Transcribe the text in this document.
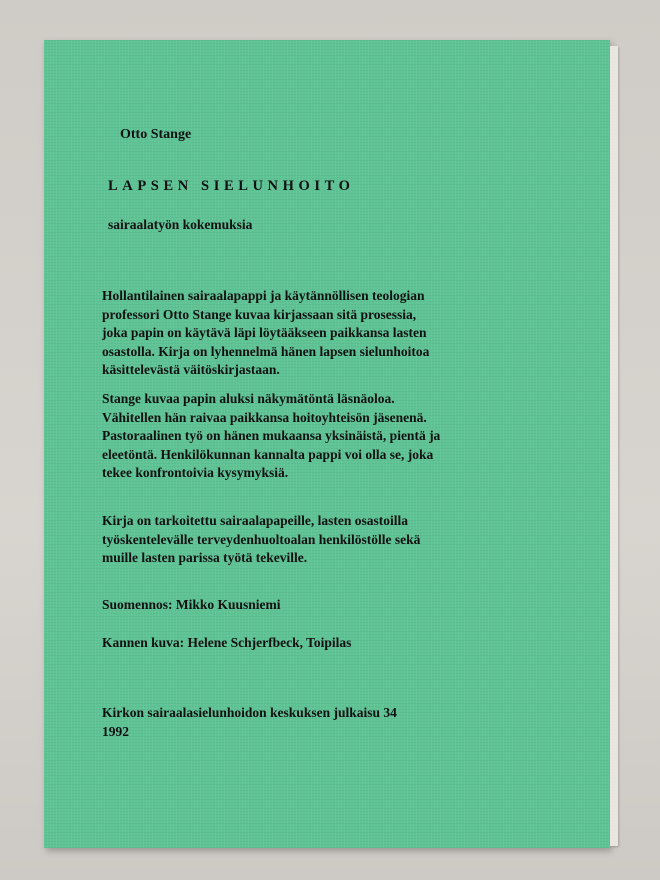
Otto Stange
LAPSEN SIELUNHOITO
sairaalatyön kokemuksia
Hollantilainen sairaalapappi ja käytännöllisen teologian
professori Otto Stange kuvaa kirjassaan sitä prosessia,
joka papin on käytävä läpi löytääkseen paikkansa lasten
osastolla. Kirja on lyhennelmä hänen lapsen sielunhoitoa
käsittelevästä väitöskirjastaan.
Stange kuvaa papin aluksi näkymätöntä läsnäoloa.
Vähitellen hän raivaa paikkansa hoitoyhteisön jäsenenä.
Pastoraalinen työ on hänen mukaansa yksinäistä, pientä ja
eleetöntä. Henkilökunnan kannalta pappi voi olla se, joka
tekee konfrontoivia kysymyksiä.
Kirja on tarkoitettu sairaalapapeille, lasten osastoilla
työskentelevälle terveydenhuoltoalan henkilöstölle sekä
muille lasten parissa työtä tekeville.
Suomennos: Mikko Kuusniemi
Kannen kuva: Helene Schjerfbeck, Toipilas
Kirkon sairaalasielunhoidon keskuksen julkaisu 34
1992
